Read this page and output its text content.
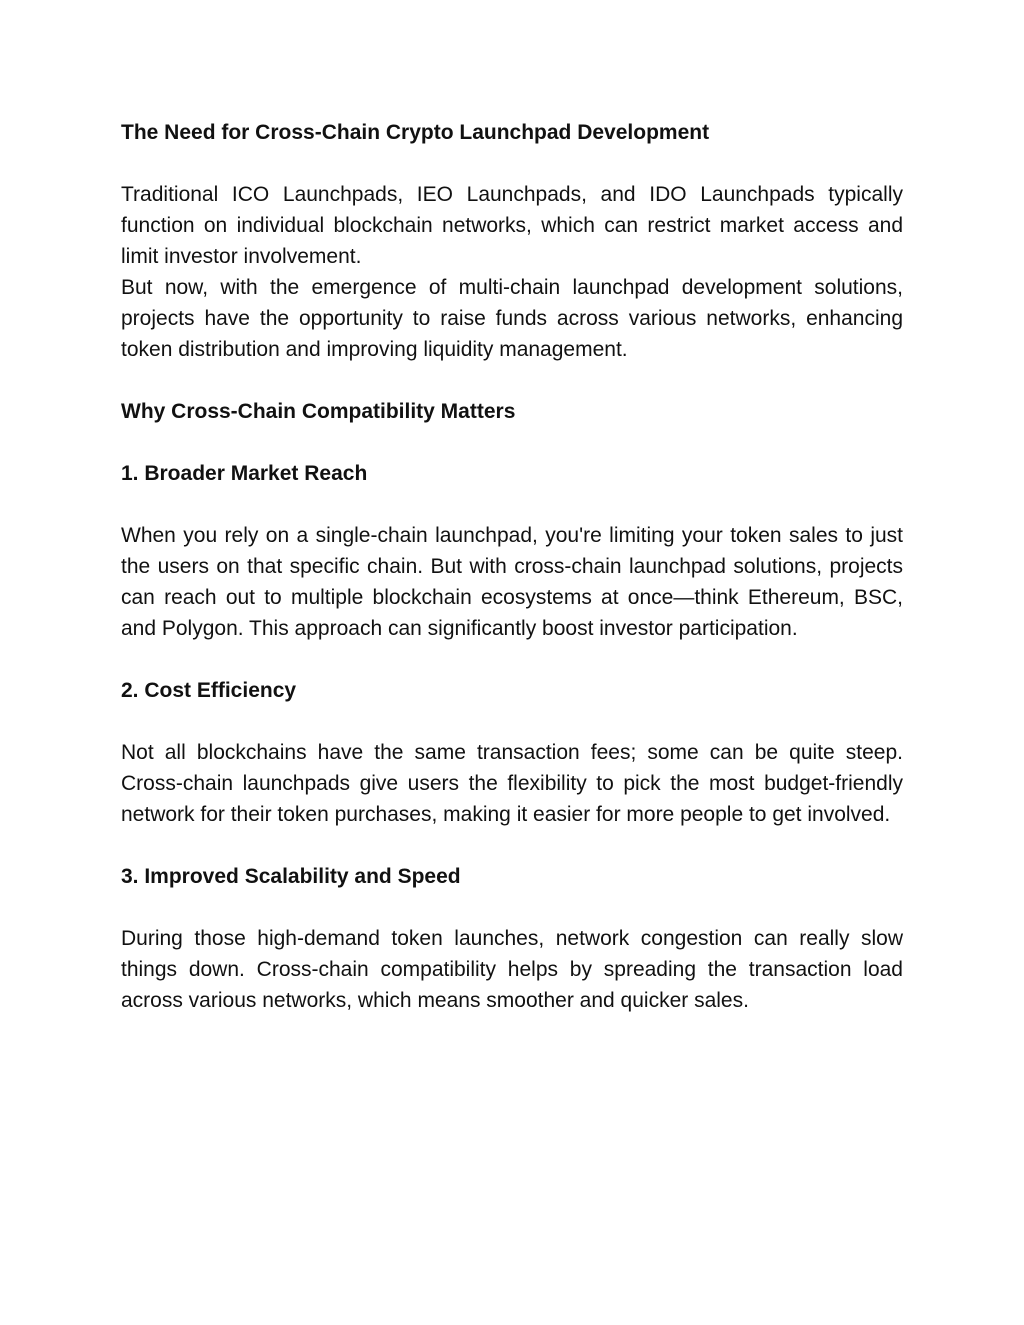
The Need for Cross-Chain Crypto Launchpad Development

Traditional ICO Launchpads, IEO Launchpads, and IDO Launchpads typically function on individual blockchain networks, which can restrict market access and limit investor involvement.

But now, with the emergence of multi-chain launchpad development solutions, projects have the opportunity to raise funds across various networks, enhancing token distribution and improving liquidity management.

Why Cross-Chain Compatibility Matters

1. Broader Market Reach

When you rely on a single-chain launchpad, you're limiting your token sales to just the users on that specific chain. But with cross-chain launchpad solutions, projects can reach out to multiple blockchain ecosystems at once—think Ethereum, BSC, and Polygon. This approach can significantly boost investor participation.

2. Cost Efficiency

Not all blockchains have the same transaction fees; some can be quite steep. Cross-chain launchpads give users the flexibility to pick the most budget-friendly network for their token purchases, making it easier for more people to get involved.

3. Improved Scalability and Speed

During those high-demand token launches, network congestion can really slow things down. Cross-chain compatibility helps by spreading the transaction load across various networks, which means smoother and quicker sales.
